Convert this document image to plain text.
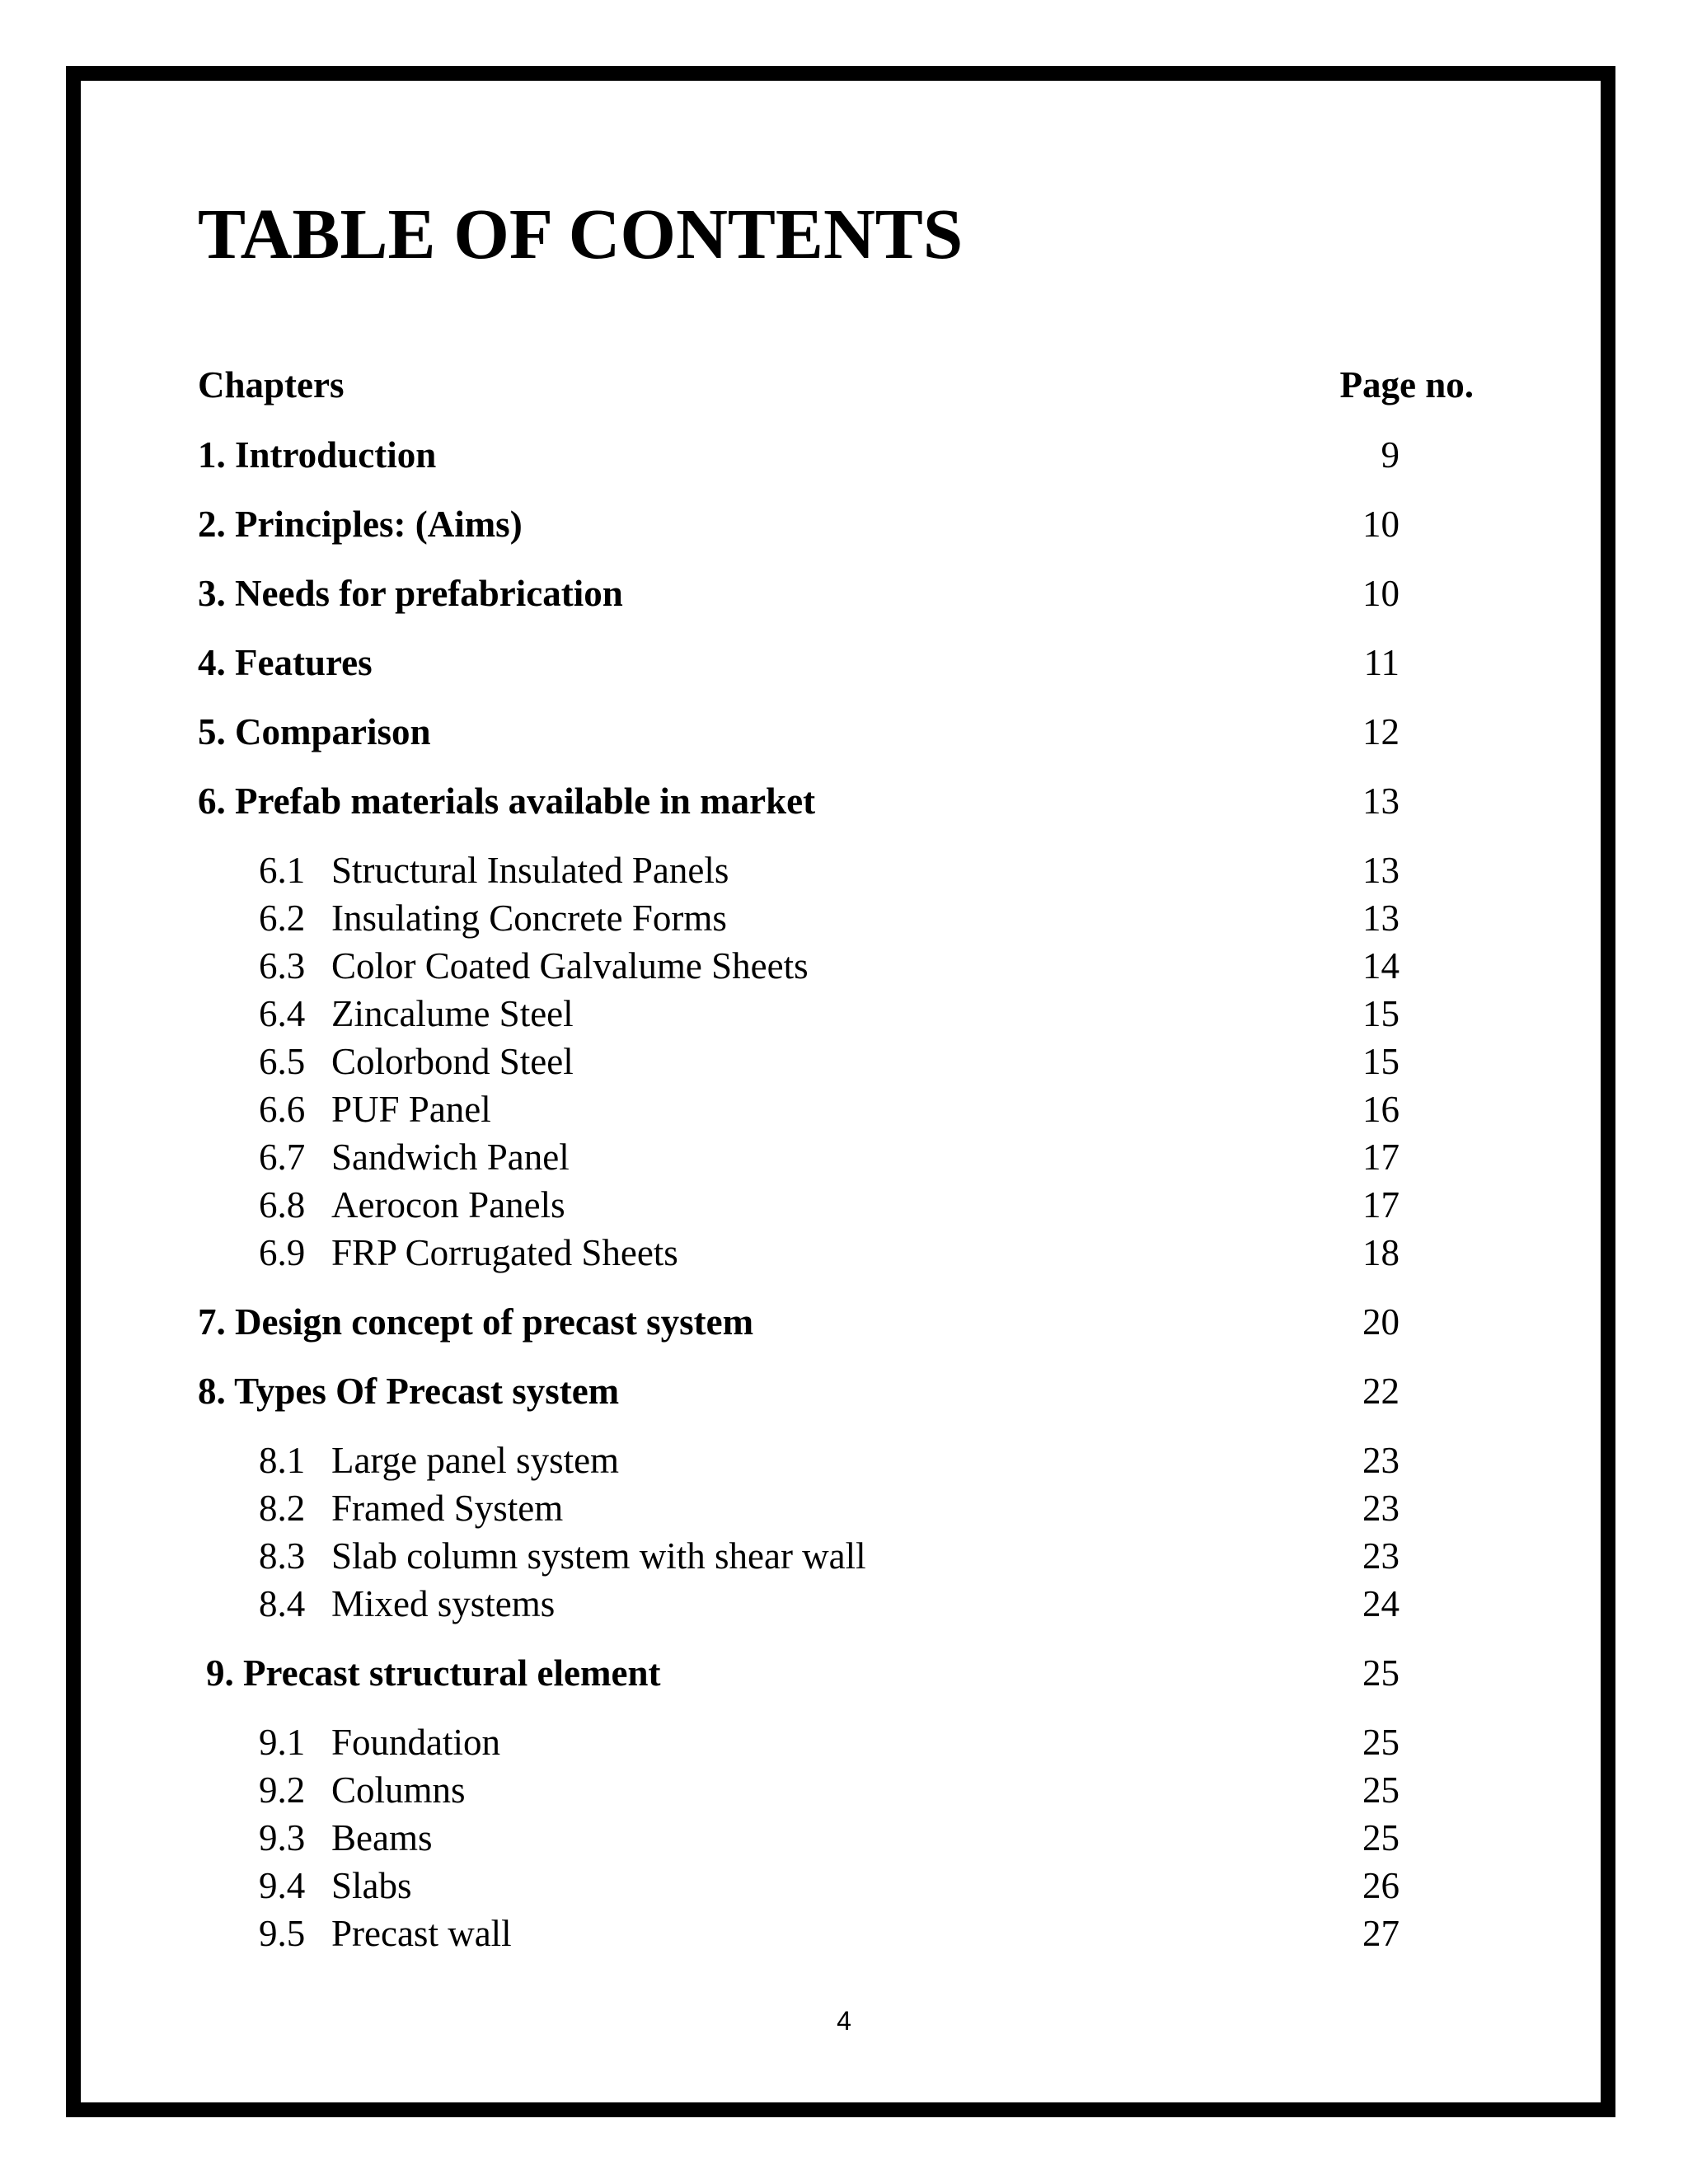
TABLE OF CONTENTS
Chapters	Page no.
1. Introduction	9
2. Principles: (Aims)	10
3. Needs for prefabrication	10
4. Features	11
5. Comparison	12
6. Prefab materials available in market	13
6.1 Structural Insulated Panels	13
6.2 Insulating Concrete Forms	13
6.3 Color Coated Galvalume Sheets	14
6.4 Zincalume Steel	15
6.5 Colorbond Steel	15
6.6 PUF Panel	16
6.7 Sandwich Panel	17
6.8 Aerocon Panels	17
6.9 FRP Corrugated Sheets	18
7. Design concept of precast system	20
8. Types Of Precast system	22
8.1 Large panel system	23
8.2 Framed System	23
8.3 Slab column system with shear wall	23
8.4 Mixed systems	24
9. Precast structural element	25
9.1 Foundation	25
9.2 Columns	25
9.3 Beams	25
9.4 Slabs	26
9.5 Precast wall	27
4
